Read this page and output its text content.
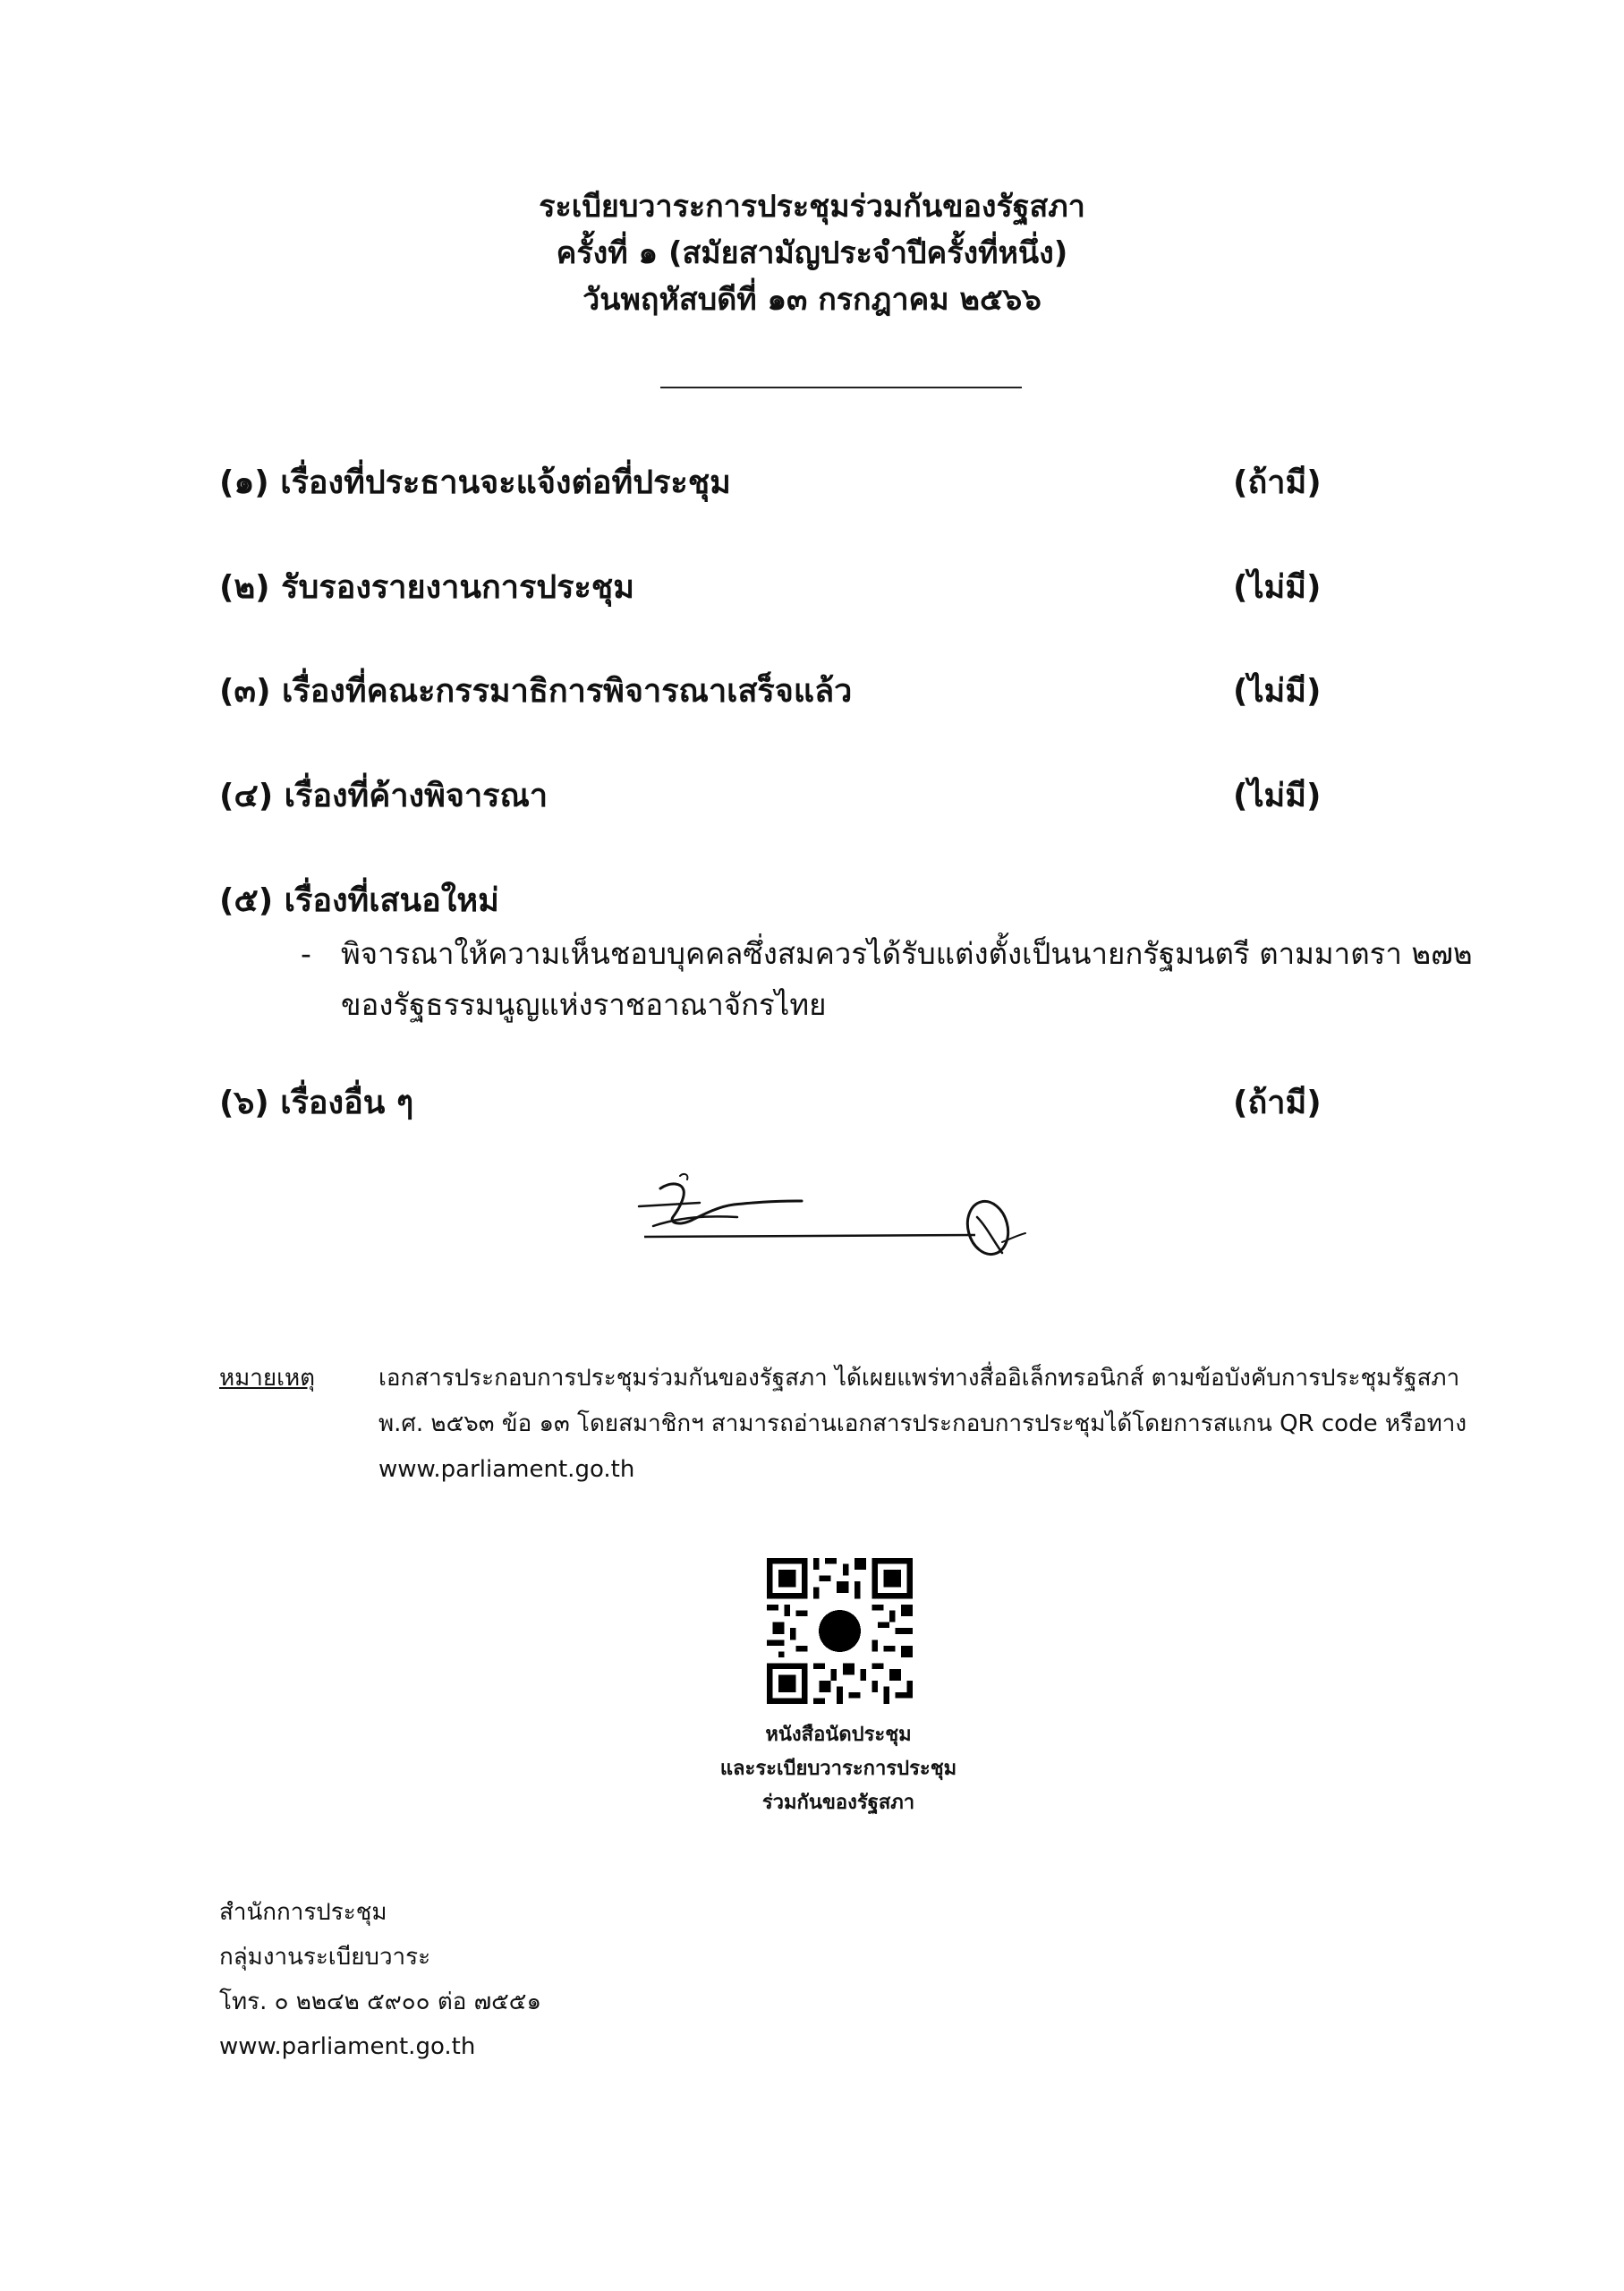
ระเบียบวาระการประชุมร่วมกันของรัฐสภา
ครั้งที่ ๑ (สมัยสามัญประจำปีครั้งที่หนึ่ง)
วันพฤหัสบดีที่ ๑๓ กรกฎาคม ๒๕๖๖
(๑) เรื่องที่ประธานจะแจ้งต่อที่ประชุม	(ถ้ามี)
(๒) รับรองรายงานการประชุม	(ไม่มี)
(๓) เรื่องที่คณะกรรมาธิการพิจารณาเสร็จแล้ว	(ไม่มี)
(๔) เรื่องที่ค้างพิจารณา	(ไม่มี)
(๕) เรื่องที่เสนอใหม่
- พิจารณาให้ความเห็นชอบบุคคลซึ่งสมควรได้รับแต่งตั้งเป็นนายกรัฐมนตรี ตามมาตรา ๒๗๒ ของรัฐธรรมนูญแห่งราชอาณาจักรไทย
(๖) เรื่องอื่น ๆ	(ถ้ามี)
หมายเหตุ	เอกสารประกอบการประชุมร่วมกันของรัฐสภา ได้เผยแพร่ทางสื่ออิเล็กทรอนิกส์ ตามข้อบังคับการประชุมรัฐสภา พ.ศ. ๒๕๖๓ ข้อ ๑๓ โดยสมาชิกฯ สามารถอ่านเอกสารประกอบการประชุมได้โดยการสแกน QR code หรือทาง www.parliament.go.th
หนังสือนัดประชุม
และระเบียบวาระการประชุม
ร่วมกันของรัฐสภา
สำนักการประชุม
กลุ่มงานระเบียบวาระ
โทร. ๐ ๒๒๔๒ ๕๙๐๐ ต่อ ๗๕๕๑
www.parliament.go.th
